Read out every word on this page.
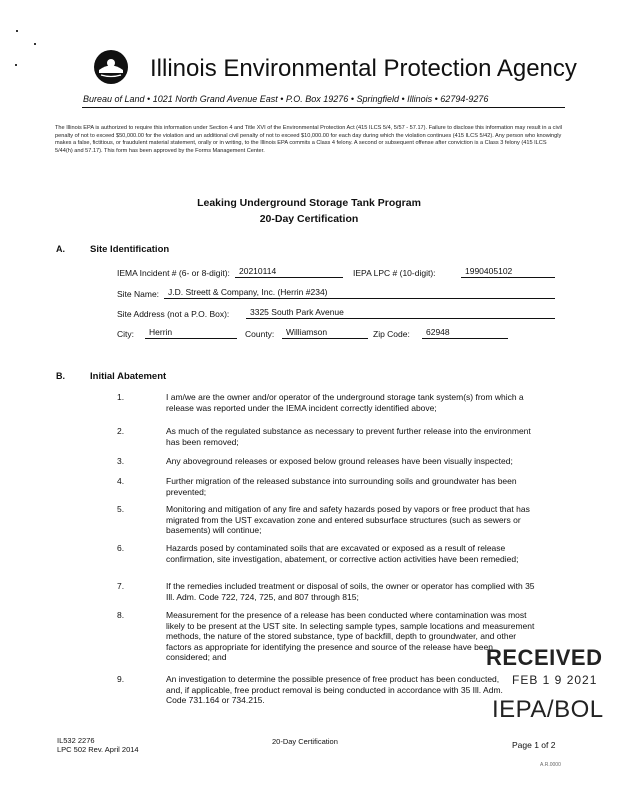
Illinois Environmental Protection Agency
Bureau of Land • 1021 North Grand Avenue East • P.O. Box 19276 • Springfield • Illinois • 62794-9276
The Illinois EPA is authorized to require this information under Section 4 and Title XVI of the Environmental Protection Act (415 ILCS 5/4, 5/57 - 57.17). Failure to disclose this information may result in a civil penalty of not to exceed $50,000.00 for the violation and an additional civil penalty of not to exceed $10,000.00 for each day during which the violation continues (415 ILCS 5/42). Any person who knowingly makes a false, fictitious, or fraudulent material statement, orally or in writing, to the Illinois EPA commits a Class 4 felony. A second or subsequent offense after conviction is a Class 3 felony (415 ILCS 5/44(h) and 57.17). This form has been approved by the Forms Management Center.
Leaking Underground Storage Tank Program
20-Day Certification
A.	Site Identification
IEMA Incident # (6- or 8-digit):	20210114	IEPA LPC # (10-digit):	1990405102
Site Name:	J.D. Streett & Company, Inc. (Herrin #234)
Site Address (not a P.O. Box):	3325 South Park Avenue
City:	Herrin	County:	Williamson	Zip Code:	62948
B.	Initial Abatement
1.	I am/we are the owner and/or operator of the underground storage tank system(s) from which a release was reported under the IEMA incident correctly identified above;
2.	As much of the regulated substance as necessary to prevent further release into the environment has been removed;
3.	Any aboveground releases or exposed below ground releases have been visually inspected;
4.	Further migration of the released substance into surrounding soils and groundwater has been prevented;
5.	Monitoring and mitigation of any fire and safety hazards posed by vapors or free product that has migrated from the UST excavation zone and entered subsurface structures (such as sewers or basements) will continue;
6.	Hazards posed by contaminated soils that are excavated or exposed as a result of release confirmation, site investigation, abatement, or corrective action activities have been remedied;
7.	If the remedies included treatment or disposal of soils, the owner or operator has complied with 35 Ill. Adm. Code 722, 724, 725, and 807 through 815;
8.	Measurement for the presence of a release has been conducted where contamination was most likely to be present at the UST site. In selecting sample types, sample locations and measurement methods, the nature of the stored substance, type of backfill, depth to groundwater, and other factors as appropriate for identifying the presence and source of the release have been considered; and
9.	An investigation to determine the possible presence of free product has been conducted, and, if applicable, free product removal is being conducted in accordance with 35 Ill. Adm. Code 731.164 or 734.215.
RECEIVED
FEB 1 9 2021
IEPA/BOL
IL532 2276
LPC 502 Rev. April 2014
20-Day Certification	Page 1 of 2
A.R.0000
